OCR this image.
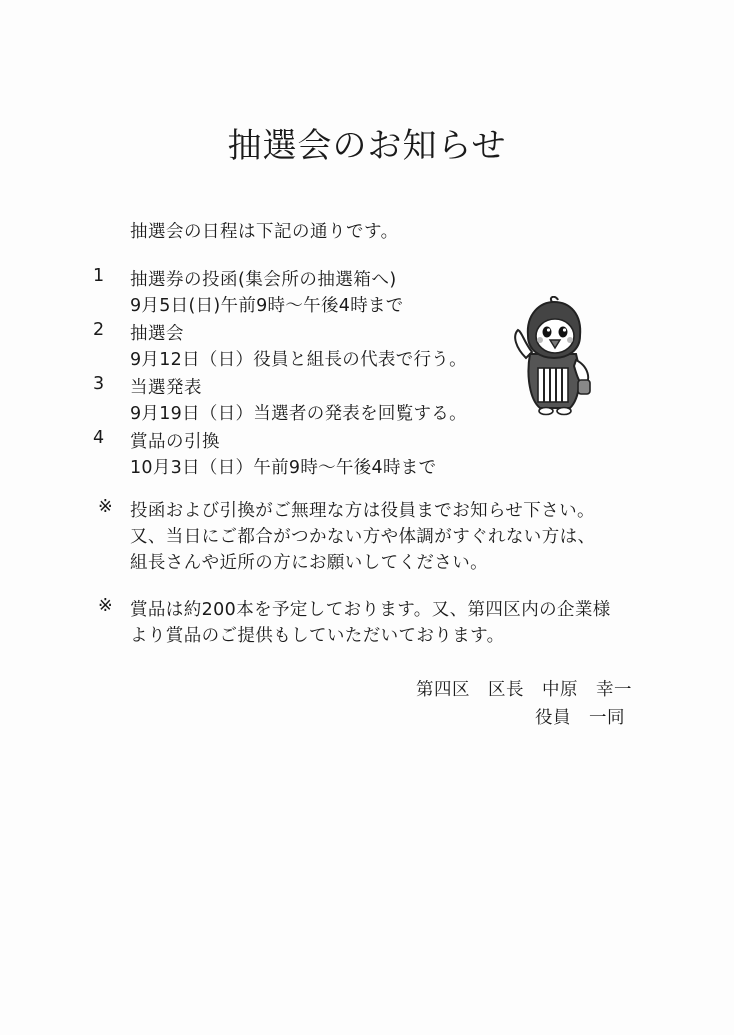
抽選会のお知らせ

抽選会の日程は下記の通りです。

1 抽選券の投函(集会所の抽選箱へ)
9月5日(日)午前9時～午後4時まで
2 抽選会
9月12日（日）役員と組長の代表で行う。
3 当選発表
9月19日（日）当選者の発表を回覧する。
4 賞品の引換
10月3日（日）午前9時～午後4時まで
※ 投函および引換がご無理な方は役員までお知らせ下さい。
又、当日にご都合がつかない方や体調がすぐれない方は、
組長さんや近所の方にお願いしてください。
※ 賞品は約200本を予定しております。又、第四区内の企業様
より賞品のご提供もしていただいております。
第四区　区長　中原　幸一
役員　一同
